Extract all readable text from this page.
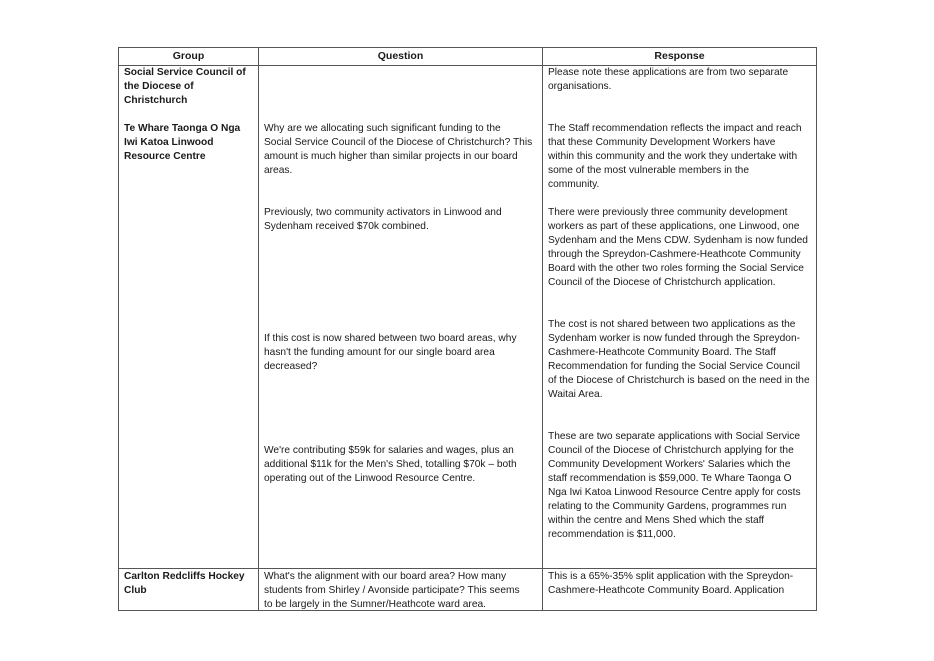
Group	Question	Response
Social Service Council of
the Diocese of
Christchurch
Please note these applications are from two separate
organisations.
Te Whare Taonga O Nga
Iwi Katoa Linwood
Resource Centre
Why are we allocating such significant funding to the
Social Service Council of the Diocese of Christchurch? This
amount is much higher than similar projects in our board
areas.
The Staff recommendation reflects the impact and reach
that these Community Development Workers have
within this community and the work they undertake with
some of the most vulnerable members in the
community.
Previously, two community activators in Linwood and
Sydenham received $70k combined.
There were previously three community development
workers as part of these applications, one Linwood, one
Sydenham and the Mens CDW. Sydenham is now funded
through the Spreydon-Cashmere-Heathcote Community
Board with the other two roles forming the Social Service
Council of the Diocese of Christchurch application.
If this cost is now shared between two board areas, why
hasn't the funding amount for our single board area
decreased?
The cost is not shared between two applications as the
Sydenham worker is now funded through the Spreydon-
Cashmere-Heathcote Community Board. The Staff
Recommendation for funding the Social Service Council
of the Diocese of Christchurch is based on the need in the
Waitai Area.
We're contributing $59k for salaries and wages, plus an
additional $11k for the Men's Shed, totalling $70k – both
operating out of the Linwood Resource Centre.
These are two separate applications with Social Service
Council of the Diocese of Christchurch applying for the
Community Development Workers' Salaries which the
staff recommendation is $59,000. Te Whare Taonga O
Nga Iwi Katoa Linwood Resource Centre apply for costs
relating to the Community Gardens, programmes run
within the centre and Mens Shed which the staff
recommendation is $11,000.
Carlton Redcliffs Hockey
Club
What's the alignment with our board area? How many
students from Shirley / Avonside participate? This seems
to be largely in the Sumner/Heathcote ward area.
This is a 65%-35% split application with the Spreydon-
Cashmere-Heathcote Community Board. Application
